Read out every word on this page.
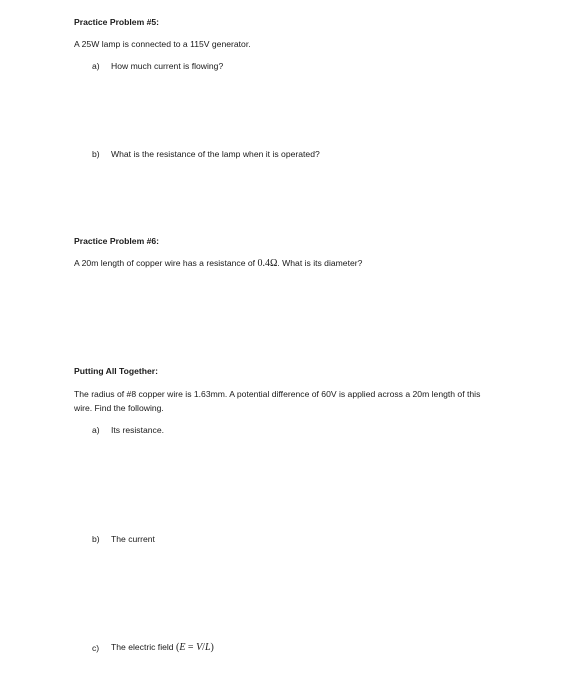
Practice Problem #5:
A 25W lamp is connected to a 115V generator.
a) How much current is flowing?
b) What is the resistance of the lamp when it is operated?
Practice Problem #6:
A 20m length of copper wire has a resistance of 0.4Ω. What is its diameter?
Putting All Together:
The radius of #8 copper wire is 1.63mm. A potential difference of 60V is applied across a 20m length of this
wire. Find the following.
a) Its resistance.
b) The current
c) The electric field (E = V/L)
